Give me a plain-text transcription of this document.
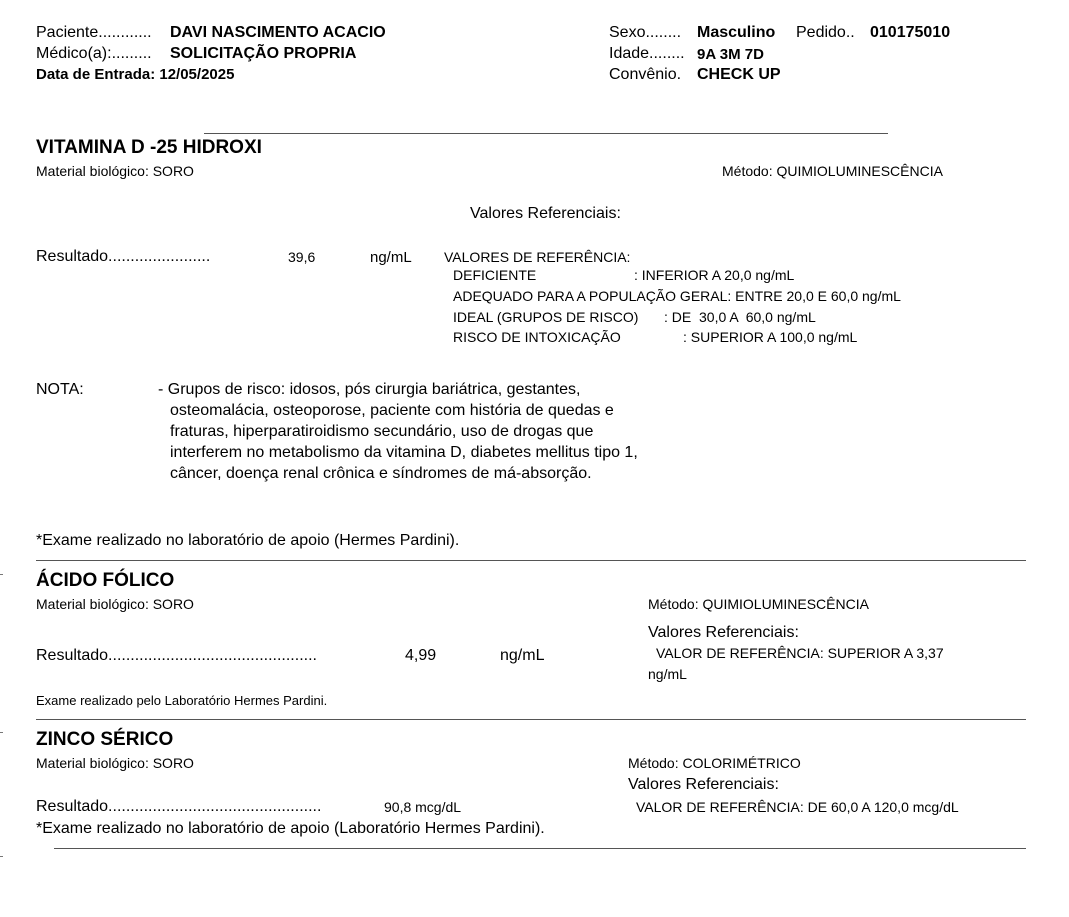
Paciente............ DAVI NASCIMENTO ACACIO
Médico(a):......... SOLICITAÇÃO PROPRIA
Data de Entrada: 12/05/2025
Sexo........ Masculino Pedido.. 010175010
Idade........ 9A 3M 7D
Convênio. CHECK UP
VITAMINA D -25 HIDROXI
Material biológico: SORO	Método: QUIMIOLUMINESCÊNCIA
Valores Referenciais:
Resultado.......................	39,6	ng/mL VALORES DE REFERÊNCIA:
DEFICIENTE	: INFERIOR A 20,0 ng/mL
ADEQUADO PARA A POPULAÇÃO GERAL: ENTRE 20,0 E 60,0 ng/mL
IDEAL (GRUPOS DE RISCO) : DE  30,0 A  60,0 ng/mL
RISCO DE INTOXICAÇÃO	: SUPERIOR A 100,0 ng/mL
NOTA:	- Grupos de risco: idosos, pós cirurgia bariátrica, gestantes,
osteomalácia, osteoporose, paciente com história de quedas e
fraturas, hiperparatiroidismo secundário, uso de drogas que
interferem no metabolismo da vitamina D, diabetes mellitus tipo 1,
câncer, doença renal crônica e síndromes de má-absorção.
*Exame realizado no laboratório de apoio (Hermes Pardini).
ÁCIDO FÓLICO
Material biológico: SORO	Método: QUIMIOLUMINESCÊNCIA
Valores Referenciais:
VALOR DE REFERÊNCIA: SUPERIOR A 3,37
ng/mL
Resultado...............................................	4,99	ng/mL
Exame realizado pelo Laboratório Hermes Pardini.
ZINCO SÉRICO
Material biológico: SORO	Método: COLORIMÉTRICO
Valores Referenciais:
VALOR DE REFERÊNCIA: DE 60,0 A 120,0 mcg/dL
Resultado................................................	90,8 mcg/dL
*Exame realizado no laboratório de apoio (Laboratório Hermes Pardini).
